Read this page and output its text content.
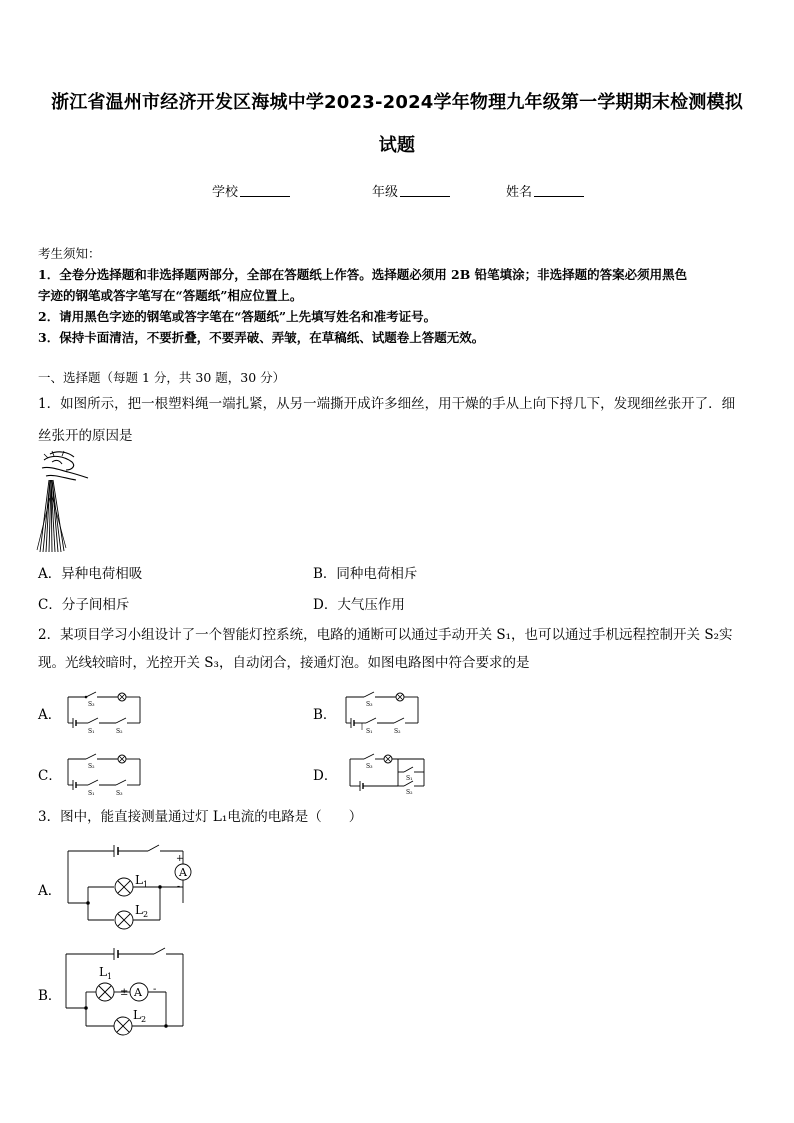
浙江省温州市经济开发区海城中学2023-2024学年物理九年级第一学期期末检测模拟
试题
学校	年级	姓名
考生须知：
1．全卷分选择题和非选择题两部分，全部在答题纸上作答。选择题必须用 2B 铅笔填涂；非选择题的答案必须用黑色
字迹的钢笔或答字笔写在“答题纸”相应位置上。
2．请用黑色字迹的钢笔或答字笔在“答题纸”上先填写姓名和准考证号。
3．保持卡面清洁，不要折叠，不要弄破、弄皱，在草稿纸、试题卷上答题无效。
一、选择题（每题 1 分，共 30 题，30 分）
1．如图所示，把一根塑料绳一端扎紧，从另一端撕开成许多细丝，用干燥的手从上向下捋几下，发现细丝张开了．细
丝张开的原因是
A．异种电荷相吸	B．同种电荷相斥
C．分子间相斥	D．大气压作用
2．某项目学习小组设计了一个智能灯控系统，电路的通断可以通过手动开关 S₁，也可以通过手机远程控制开关 S₂实
现。光线较暗时，光控开关 S₃，自动闭合，接通灯泡。如图电路图中符合要求的是
A．
S₃
S₁	S₂
B．
S₃
S₁	S₂
C．
S₂
S₁	S₃
D．
S₃
S₁
S₂
3．图中，能直接测量通过灯 L₁电流的电路是（　　）
A．
A
+
-
$L_1$
$L_2$
B．
$L_1$
± A -
$L_2$
